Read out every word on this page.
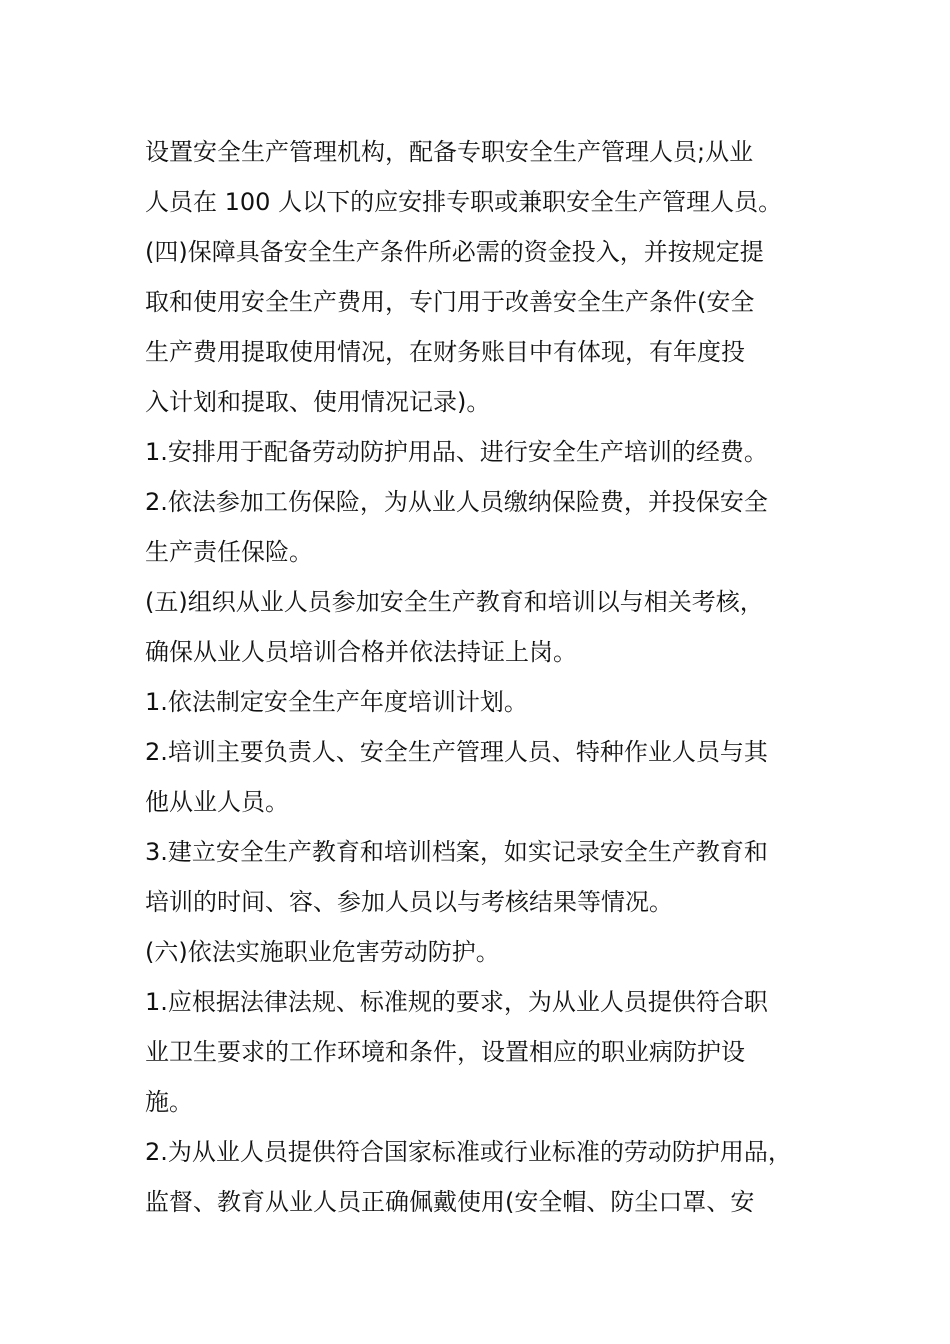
设置安全生产管理机构，配备专职安全生产管理人员;从业
人员在 100 人以下的应安排专职或兼职安全生产管理人员。
(四)保障具备安全生产条件所必需的资金投入，并按规定提
取和使用安全生产费用，专门用于改善安全生产条件(安全
生产费用提取使用情况，在财务账目中有体现，有年度投
入计划和提取、使用情况记录)。
1.安排用于配备劳动防护用品、进行安全生产培训的经费。
2.依法参加工伤保险，为从业人员缴纳保险费，并投保安全
生产责任保险。
(五)组织从业人员参加安全生产教育和培训以与相关考核，
确保从业人员培训合格并依法持证上岗。
1.依法制定安全生产年度培训计划。
2.培训主要负责人、安全生产管理人员、特种作业人员与其
他从业人员。
3.建立安全生产教育和培训档案，如实记录安全生产教育和
培训的时间、容、参加人员以与考核结果等情况。
(六)依法实施职业危害劳动防护。
1.应根据法律法规、标准规的要求，为从业人员提供符合职
业卫生要求的工作环境和条件，设置相应的职业病防护设
施。
2.为从业人员提供符合国家标准或行业标准的劳动防护用品，
监督、教育从业人员正确佩戴使用(安全帽、防尘口罩、安
